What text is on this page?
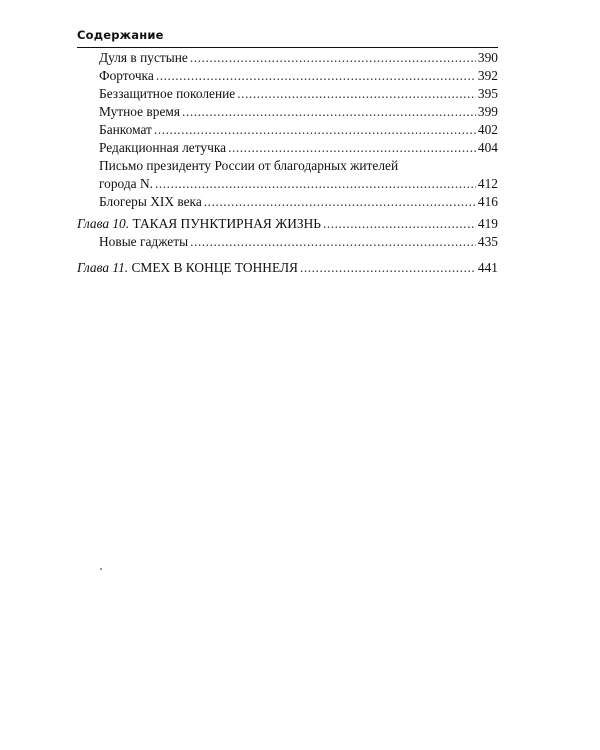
Содержание
Дуля в пустыне . . .	390
Форточка . . .	392
Беззащитное поколение . . .	395
Мутное время . . .	399
Банкомат . . .	402
Редакционная летучка . . .	404
Письмо президенту России от благодарных жителей
города N. . . .	412
Блогеры XIX века . . .	416
Глава 10. ТАКАЯ ПУНКТИРНАЯ ЖИЗНЬ . . .	419
Новые гаджеты . . .	435
Глава 11. СМЕХ В КОНЦЕ ТОННЕЛЯ . . .	441
